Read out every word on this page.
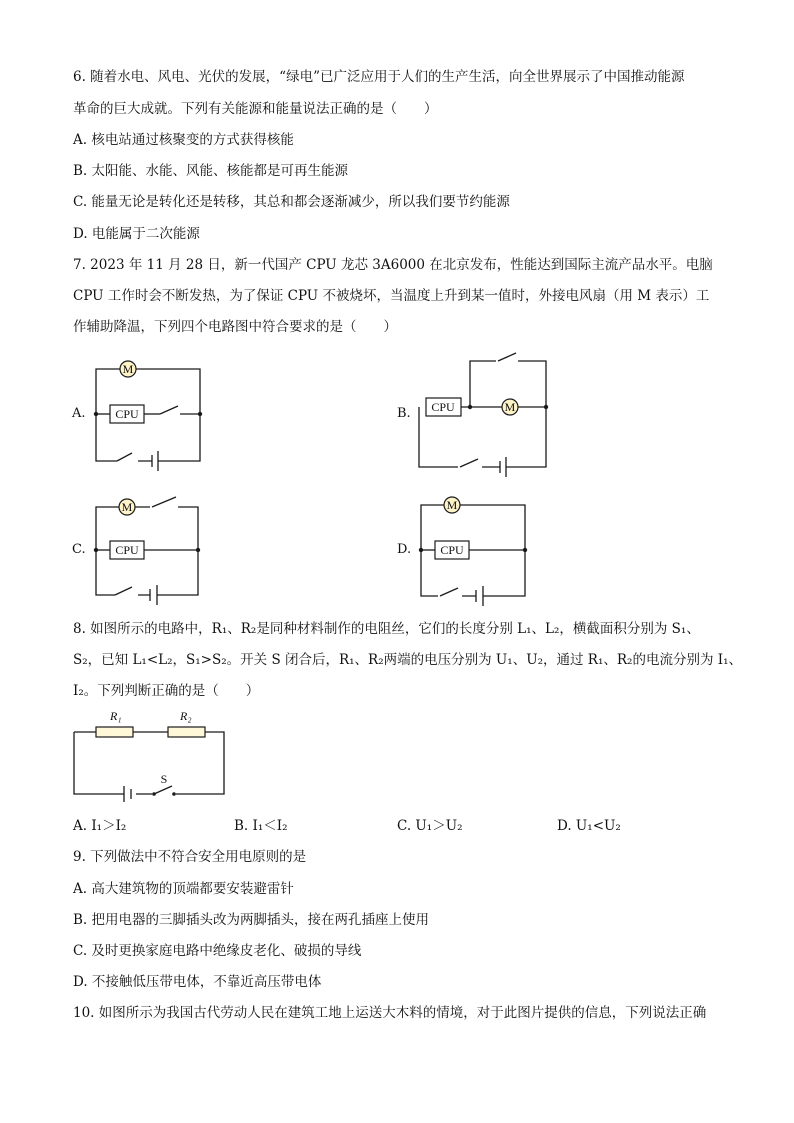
6. 随着水电、风电、光伏的发展，“绿电”已广泛应用于人们的生产生活，向全世界展示了中国推动能源
革命的巨大成就。下列有关能源和能量说法正确的是（　　）
A. 核电站通过核聚变的方式获得核能
B. 太阳能、水能、风能、核能都是可再生能源
C. 能量无论是转化还是转移，其总和都会逐渐减少，所以我们要节约能源
D. 电能属于二次能源
7. 2023 年 11 月 28 日，新一代国产 CPU 龙芯 3A6000 在北京发布，性能达到国际主流产品水平。电脑
CPU 工作时会不断发热，为了保证 CPU 不被烧坏，当温度上升到某一值时，外接电风扇（用 M 表示）工
作辅助降温，下列四个电路图中符合要求的是（　　）
A.	B.
C.	D.
M
CPU	CPU	M
M
CPU
M
CPU
R₁	R₂
S
8. 如图所示的电路中，R₁、R₂是同种材料制作的电阻丝，它们的长度分别 L₁、L₂，横截面积分别为 S₁、
S₂，已知 L₁<L₂，S₁>S₂。开关 S 闭合后，R₁、R₂两端的电压分别为 U₁、U₂，通过 R₁、R₂的电流分别为 I₁、
I₂。下列判断正确的是（　　）
A. I₁＞I₂	B. I₁＜I₂	C. U₁＞U₂	D. U₁<U₂
9. 下列做法中不符合安全用电原则的是
A. 高大建筑物的顶端都要安装避雷针
B. 把用电器的三脚插头改为两脚插头，接在两孔插座上使用
C. 及时更换家庭电路中绝缘皮老化、破损的导线
D. 不接触低压带电体，不靠近高压带电体
10. 如图所示为我国古代劳动人民在建筑工地上运送大木料的情境，对于此图片提供的信息，下列说法正确
